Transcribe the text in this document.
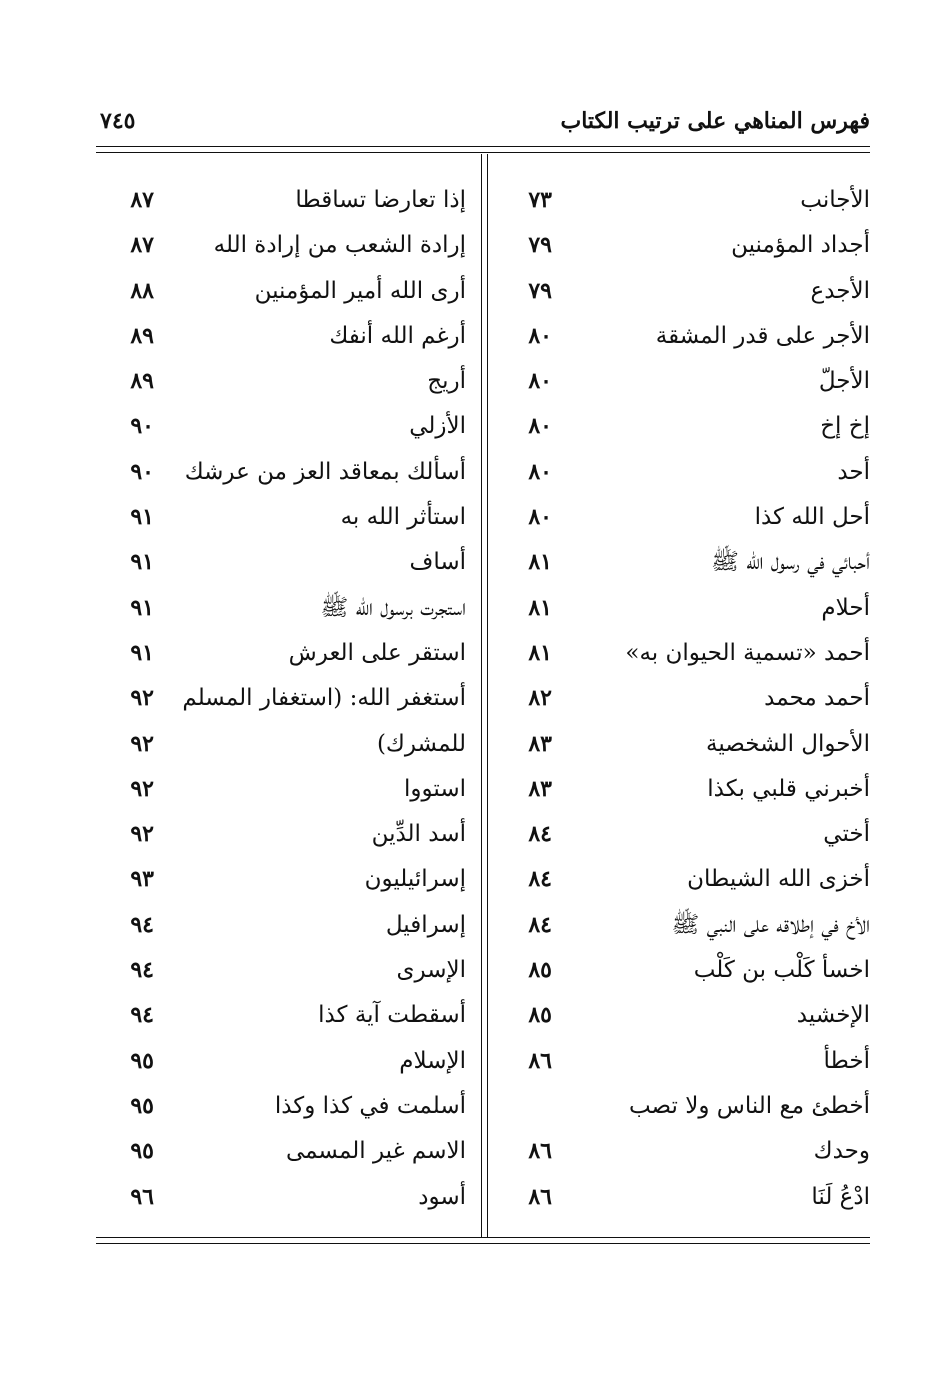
فهرس المناهي على ترتيب الكتاب
٧٤٥
الأجانب
٧٣
أجداد المؤمنين
٧٩
الأجدع
٧٩
الأجر على قدر المشقة
٨٠
الأجلّ
٨٠
إخ إخ
٨٠
أحد
٨٠
أحل الله كذا
٨٠
أحبائي في رسول الله ﷺ
٨١
أحلام
٨١
أحمد «تسمية الحيوان به»
٨١
أحمد محمد
٨٢
الأحوال الشخصية
٨٣
أخبرني قلبي بكذا
٨٣
أختي
٨٤
أخزى الله الشيطان
٨٤
الأخ في إطلاقه على النبي ﷺ
٨٤
اخسأ كَلْب بن كَلْب
٨٥
الإخشيد
٨٥
أخطأ
٨٦
أخطئ مع الناس ولا تصب
وحدك
٨٦
ادْعُ لَنَا
٨٦
إذا تعارضا تساقطا
٨٧
إرادة الشعب من إرادة الله
٨٧
أرى الله أمير المؤمنين
٨٨
أرغم الله أنفك
٨٩
أريج
٨٩
الأزلي
٩٠
أسألك بمعاقد العز من عرشك
٩٠
استأثر الله به
٩١
أساف
٩١
استجرت برسول الله ﷺ
٩١
استقر على العرش
٩١
أستغفر الله: (استغفار المسلم
٩٢
للمشرك)
٩٢
استووا
٩٢
أسد الدِّين
٩٢
إسرائيليون
٩٣
إسرافيل
٩٤
الإسرى
٩٤
أسقطت آية كذا
٩٤
الإسلام
٩٥
أسلمت في كذا وكذا
٩٥
الاسم غير المسمى
٩٥
أسود
٩٦
